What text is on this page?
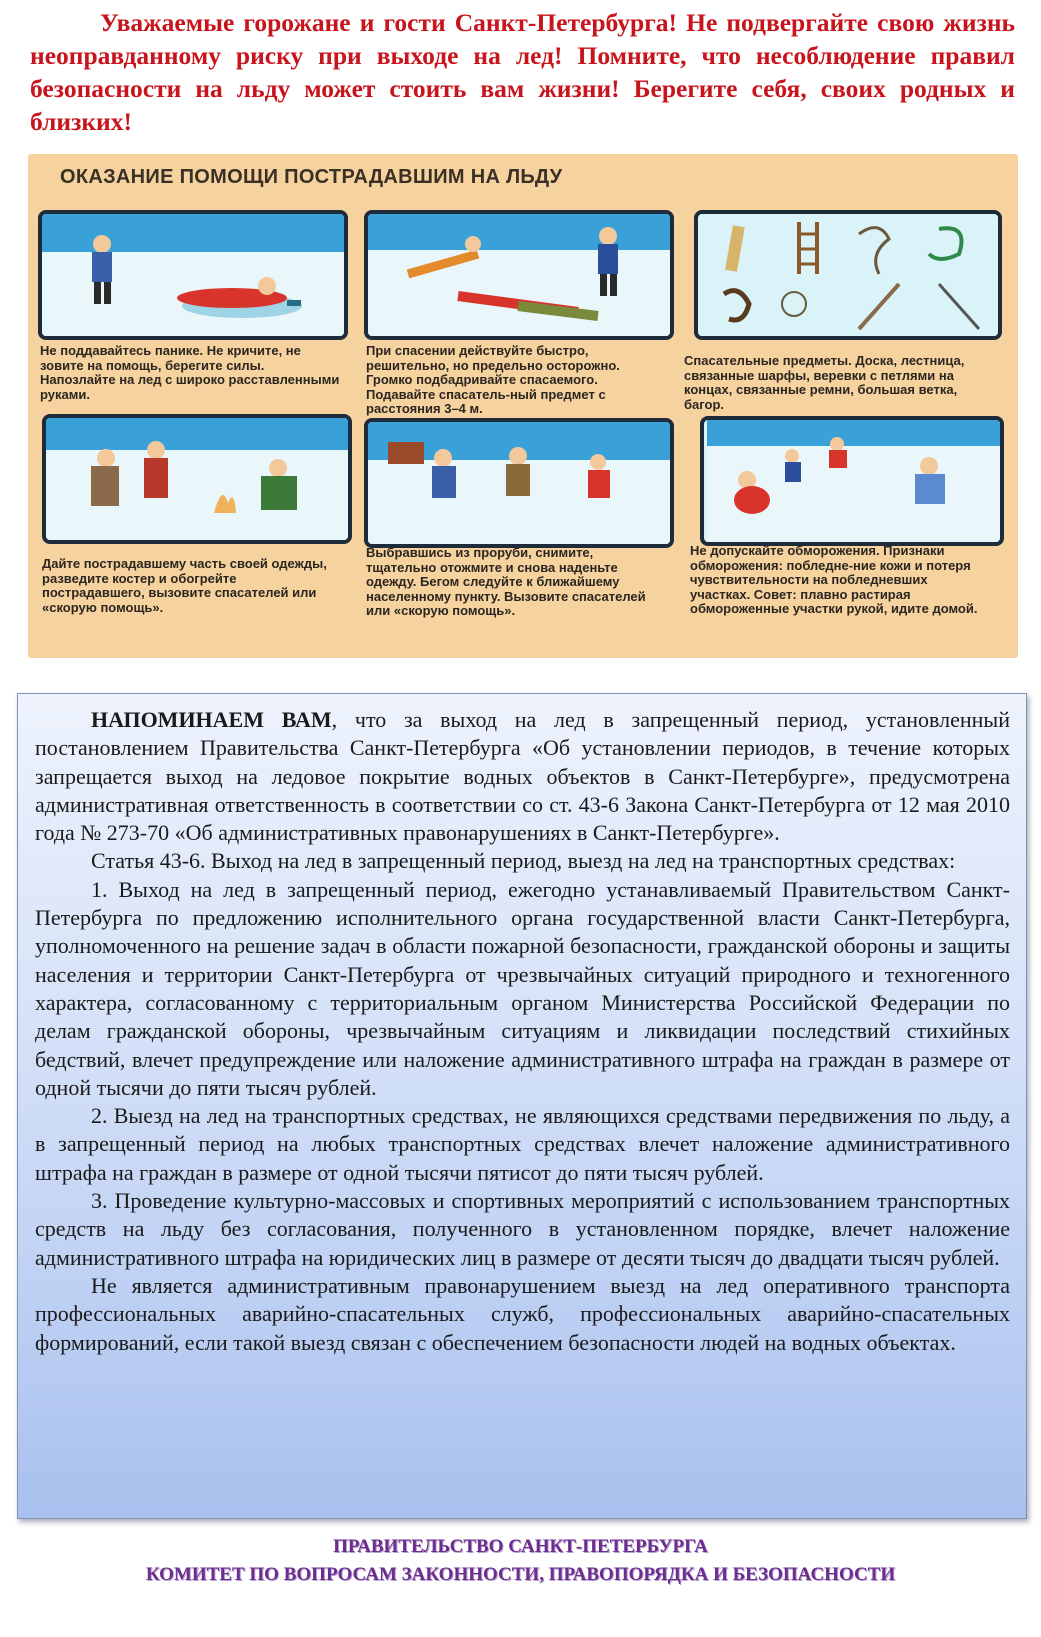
Уважаемые горожане и гости Санкт-Петербурга! Не подвергайте свою жизнь неоправданному риску при выходе на лед! Помните, что несоблюдение правил безопасности на льду может стоить вам жизни! Берегите себя, своих родных и близких!

ОКАЗАНИЕ ПОМОЩИ ПОСТРАДАВШИМ НА ЛЬДУ

Не поддавайтесь панике. Не кричите, не зовите на помощь, берегите силы. Напозлайте на лед с широко расставленными руками.

При спасении действуйте быстро, решительно, но предельно осторожно. Громко подбадривайте спасаемого. Подавайте спасатель-ный предмет с расстояния 3–4 м.

Спасательные предметы. Доска, лестница, связанные шарфы, веревки с петлями на концах, связанные ремни, большая ветка, багор.

Дайте пострадавшему часть своей одежды, разведите костер и обогрейте пострадавшего, вызовите спасателей или «скорую помощь».

Выбравшись из проруби, снимите, тщательно отожмите и снова наденьте одежду. Бегом следуйте к ближайшему населенному пункту. Вызовите спасателей или «скорую помощь».

Не допускайте обморожения. Признаки обморожения: побледне-ние кожи и потеря чувствительности на побледневших участках. Совет: плавно растирая обмороженные участки рукой, идите домой.

НАПОМИНАЕМ ВАМ, что за выход на лед в запрещенный период, установленный постановлением Правительства Санкт-Петербурга «Об установлении периодов, в течение которых запрещается выход на ледовое покрытие водных объектов в Санкт-Петербурге», предусмотрена административная ответственность в соответствии со ст. 43-6 Закона Санкт-Петербурга от 12 мая 2010 года № 273-70 «Об административных правонарушениях в Санкт-Петербурге».

Статья 43-6. Выход на лед в запрещенный период, выезд на лед на транспортных средствах:

1. Выход на лед в запрещенный период, ежегодно устанавливаемый Правительством Санкт-Петербурга по предложению исполнительного органа государственной власти Санкт-Петербурга, уполномоченного на решение задач в области пожарной безопасности, гражданской обороны и защиты населения и территории Санкт-Петербурга от чрезвычайных ситуаций природного и техногенного характера, согласованному с территориальным органом Министерства Российской Федерации по делам гражданской обороны, чрезвычайным ситуациям и ликвидации последствий стихийных бедствий, влечет предупреждение или наложение административного штрафа на граждан в размере от одной тысячи до пяти тысяч рублей.

2. Выезд на лед на транспортных средствах, не являющихся средствами передвижения по льду, а в запрещенный период на любых транспортных средствах влечет наложение административного штрафа на граждан в размере от одной тысячи пятисот до пяти тысяч рублей.

3. Проведение культурно-массовых и спортивных мероприятий с использованием транспортных средств на льду без согласования, полученного в установленном порядке, влечет наложение административного штрафа на юридических лиц в размере от десяти тысяч до двадцати тысяч рублей.

Не является административным правонарушением выезд на лед оперативного транспорта профессиональных аварийно-спасательных служб, профессиональных аварийно-спасательных формирований, если такой выезд связан с обеспечением безопасности людей на водных объектах.

ПРАВИТЕЛЬСТВО САНКТ-ПЕТЕРБУРГА

КОМИТЕТ ПО ВОПРОСАМ ЗАКОННОСТИ, ПРАВОПОРЯДКА И БЕЗОПАСНОСТИ
